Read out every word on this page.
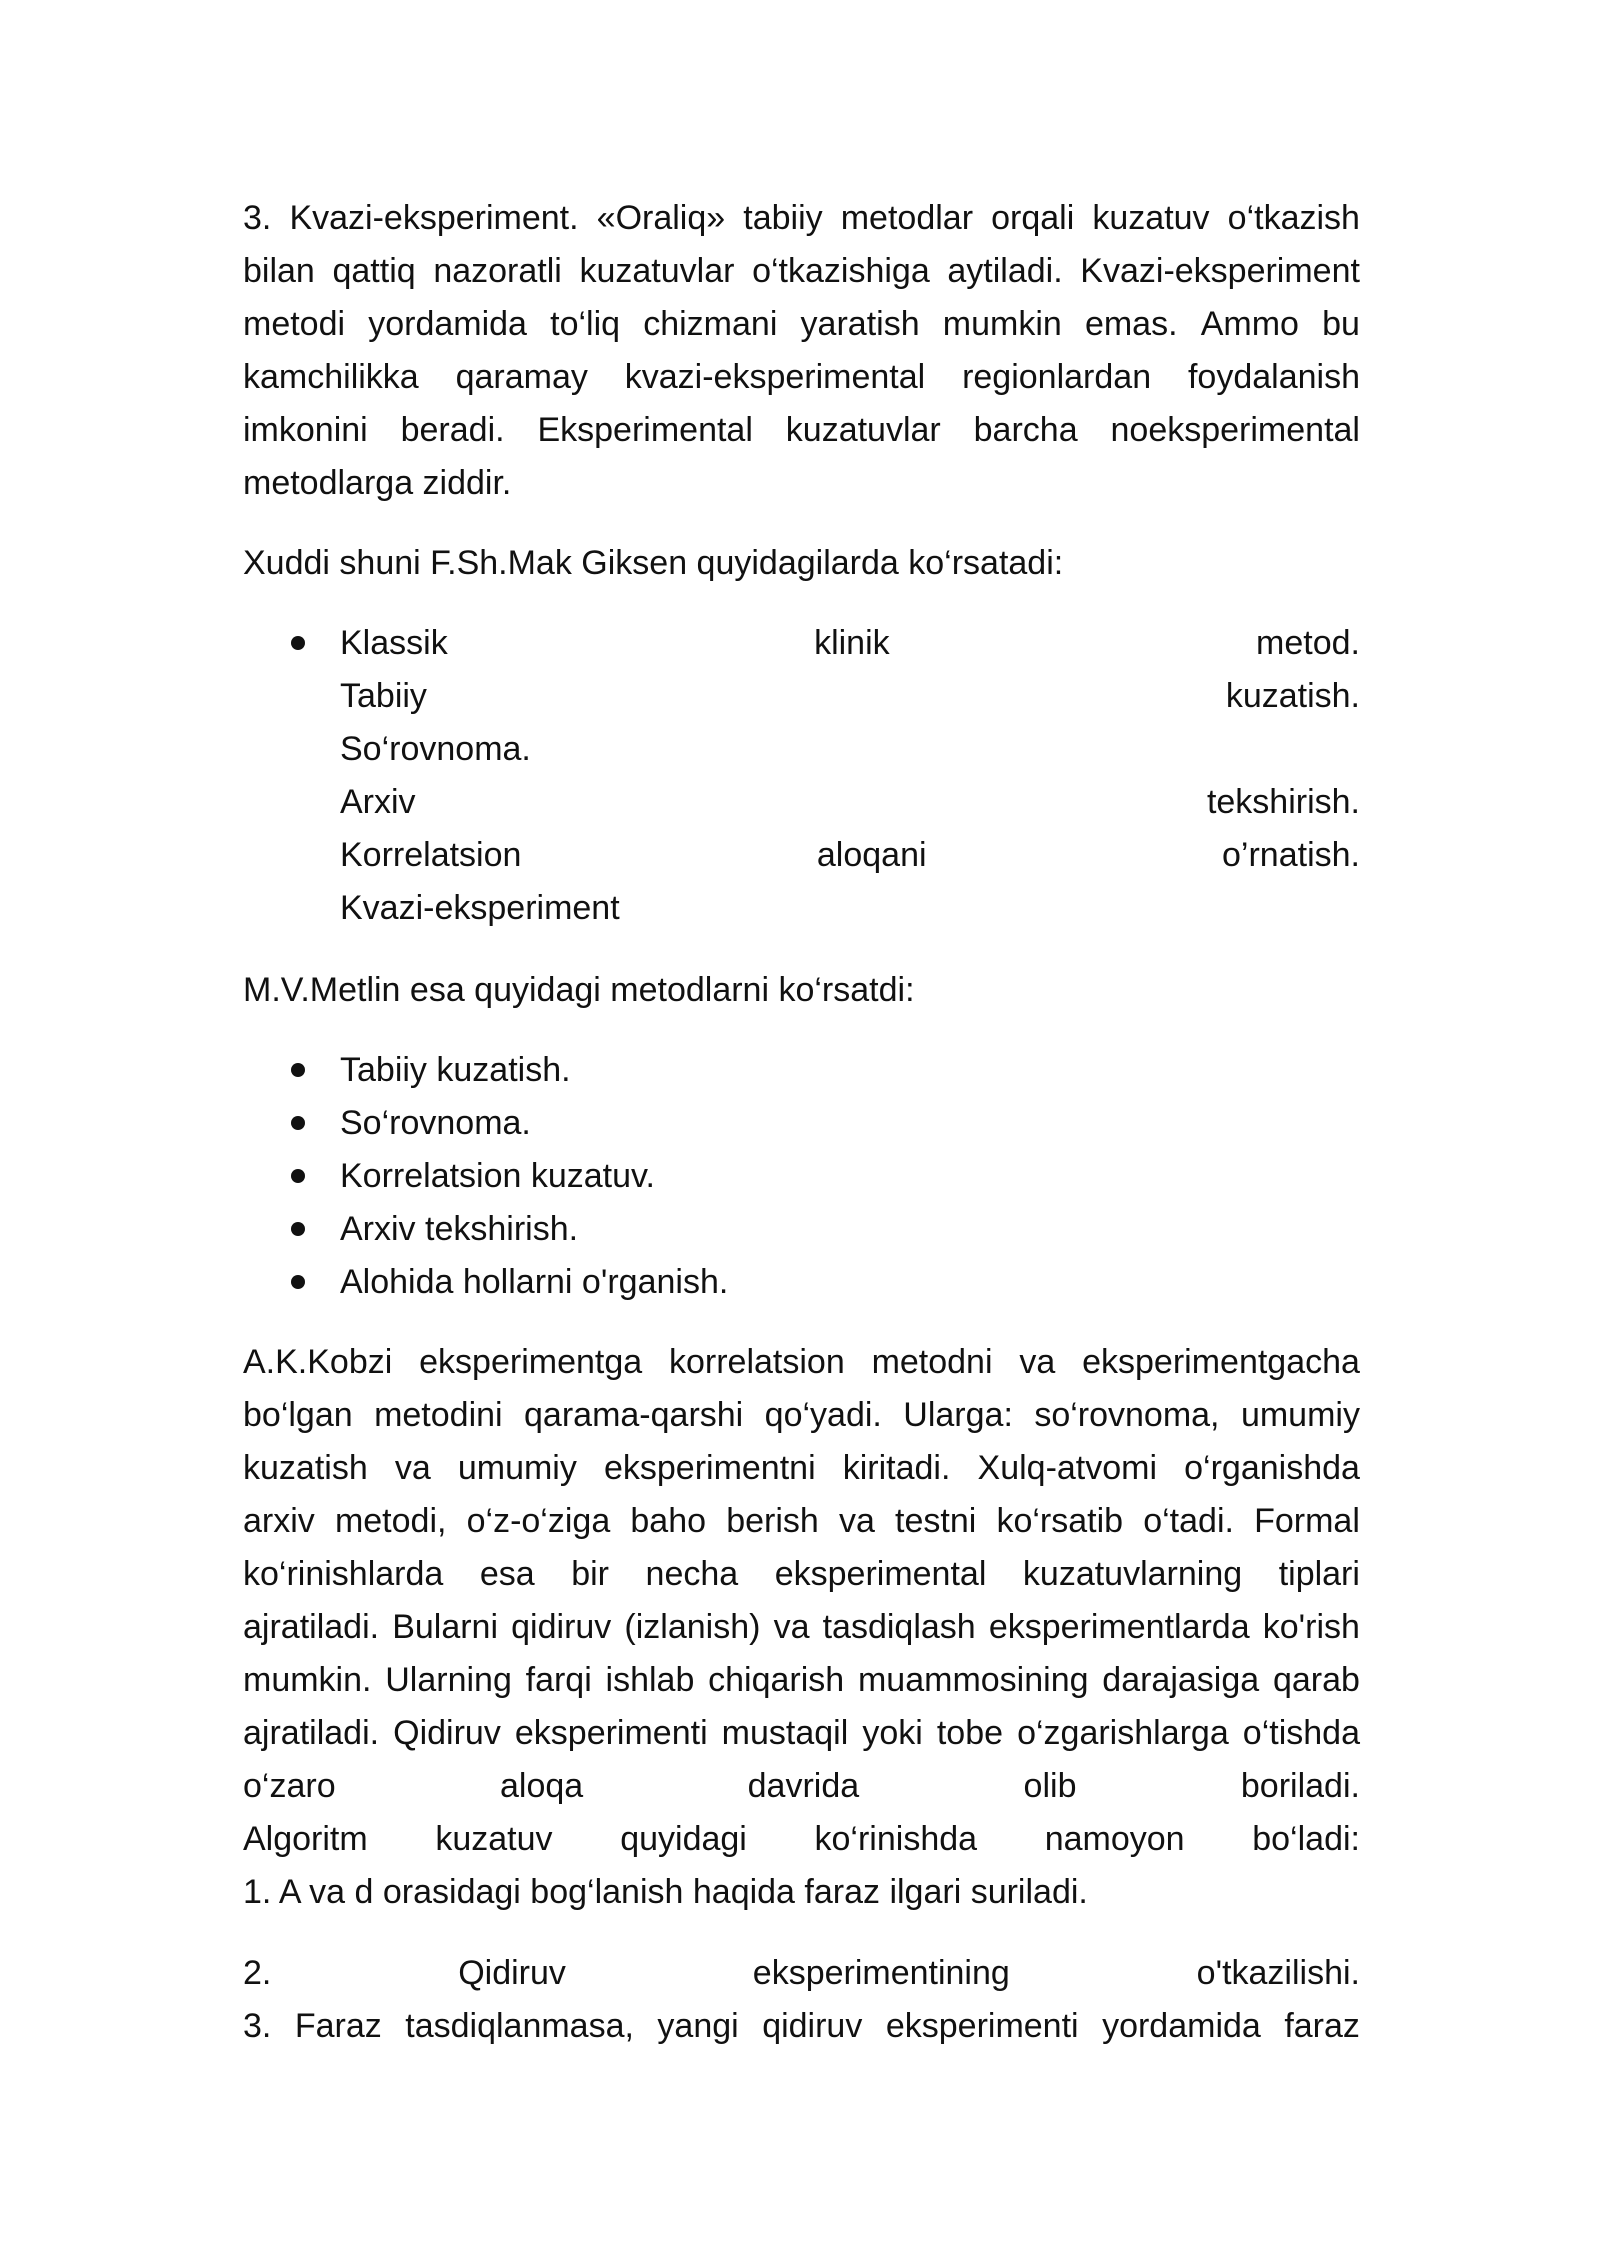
3. Kvazi-eksperiment. «Oraliq» tabiiy metodlar orqali kuzatuv o‘tkazish
bilan qattiq nazoratli kuzatuvlar o‘tkazishiga aytiladi. Kvazi-eksperiment
metodi yordamida to‘liq chizmani yaratish mumkin emas. Ammo bu
kamchilikka qaramay kvazi-eksperimental regionlardan foydalanish
imkonini beradi. Eksperimental kuzatuvlar barcha noeksperimental
metodlarga ziddir.
Xuddi shuni F.Sh.Mak Giksen quyidagilarda ko‘rsatadi:
Klassik	klinik	metod.
Tabiiy	kuzatish.
So‘rovnoma.
Arxiv	tekshirish.
Korrelatsion	aloqani	o’rnatish.
Kvazi-eksperiment
M.V.Metlin esa quyidagi metodlarni ko‘rsatdi:
Tabiiy kuzatish.
So‘rovnoma.
Korrelatsion kuzatuv.
Arxiv tekshirish.
Alohida hollarni o'rganish.
A.K.Kobzi eksperimentga korrelatsion metodni va eksperimentgacha
bo‘lgan metodini qarama-qarshi qo‘yadi. Ularga: so‘rovnoma, umumiy
kuzatish va umumiy eksperimentni kiritadi. Xulq-atvomi o‘rganishda
arxiv metodi, o‘z-o‘ziga baho berish va testni ko‘rsatib o‘tadi. Formal
ko‘rinishlarda esa bir necha eksperimental kuzatuvlarning tiplari
ajratiladi. Bularni qidiruv (izlanish) va tasdiqlash eksperimentlarda ko'rish
mumkin. Ularning farqi ishlab chiqarish muammosining darajasiga qarab
ajratiladi. Qidiruv eksperimenti mustaqil yoki tobe o‘zgarishlarga o‘tishda
o‘zaro	aloqa	davrida	olib	boriladi.
Algoritm kuzatuv quyidagi ko‘rinishda namoyon bo‘ladi:
1. A va d orasidagi bog‘lanish haqida faraz ilgari suriladi.
2.	Qidiruv	eksperimentining	o'tkazilishi.
3. Faraz tasdiqlanmasa, yangi qidiruv eksperimenti yordamida faraz
